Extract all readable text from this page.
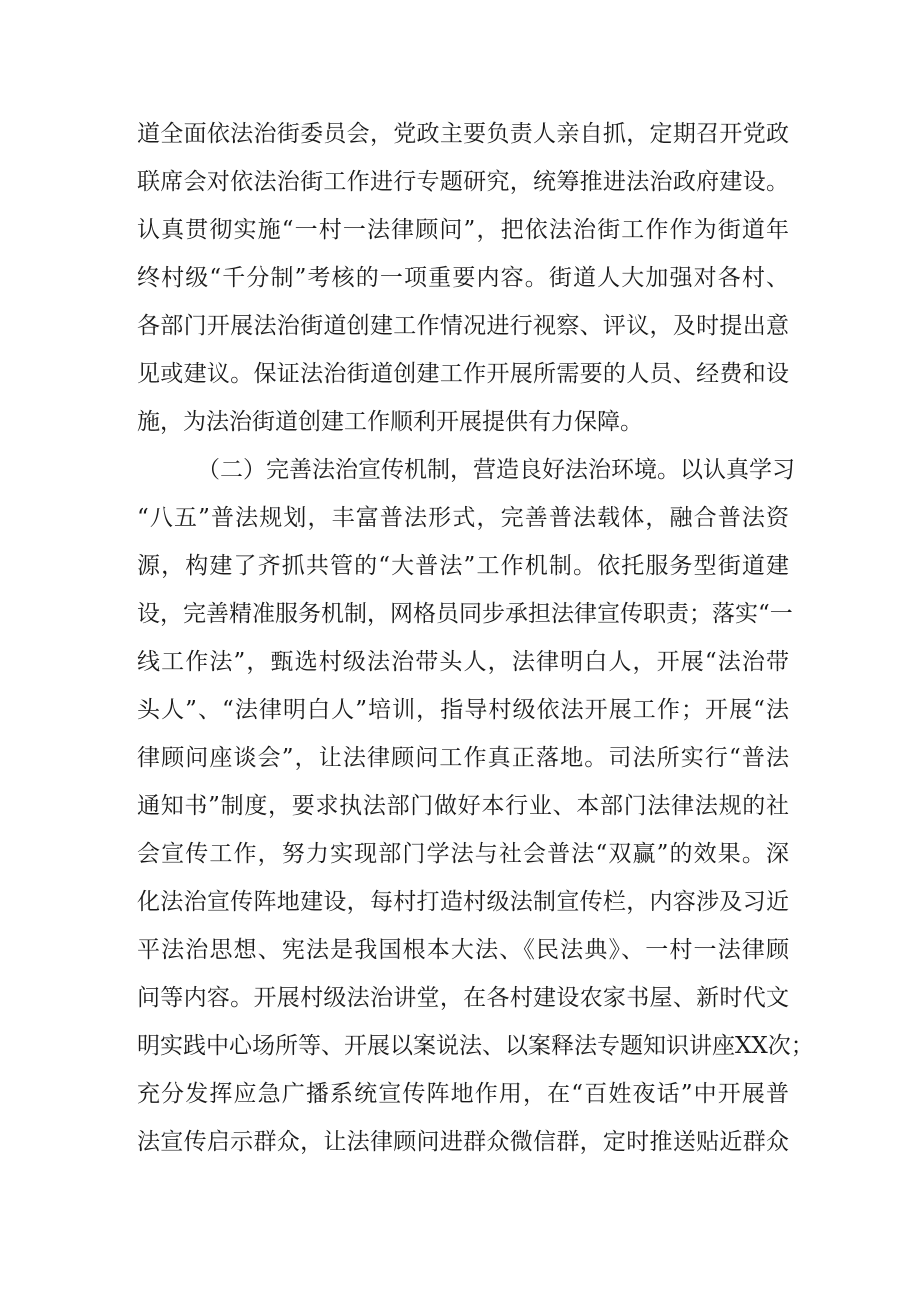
道全面依法治街委员会，党政主要负责人亲自抓，定期召开党政
联席会对依法治街工作进行专题研究，统筹推进法治政府建设。
认真贯彻实施“一村一法律顾问”，把依法治街工作作为街道年
终村级“千分制”考核的一项重要内容。街道人大加强对各村、
各部门开展法治街道创建工作情况进行视察、评议，及时提出意
见或建议。保证法治街道创建工作开展所需要的人员、经费和设
施，为法治街道创建工作顺利开展提供有力保障。
（二）完善法治宣传机制，营造良好法治环境。以认真学习
“八五”普法规划，丰富普法形式，完善普法载体，融合普法资
源，构建了齐抓共管的“大普法”工作机制。依托服务型街道建
设，完善精准服务机制，网格员同步承担法律宣传职责；落实“一
线工作法”，甄选村级法治带头人，法律明白人，开展“法治带
头人”、“法律明白人”培训，指导村级依法开展工作；开展“法
律顾问座谈会”，让法律顾问工作真正落地。司法所实行“普法
通知书”制度，要求执法部门做好本行业、本部门法律法规的社
会宣传工作，努力实现部门学法与社会普法“双赢”的效果。深
化法治宣传阵地建设，每村打造村级法制宣传栏，内容涉及习近
平法治思想、宪法是我国根本大法、《民法典》、一村一法律顾
问等内容。开展村级法治讲堂，在各村建设农家书屋、新时代文
明实践中心场所等、开展以案说法、以案释法专题知识讲座XX次；
充分发挥应急广播系统宣传阵地作用，在“百姓夜话”中开展普
法宣传启示群众，让法律顾问进群众微信群，定时推送贴近群众
